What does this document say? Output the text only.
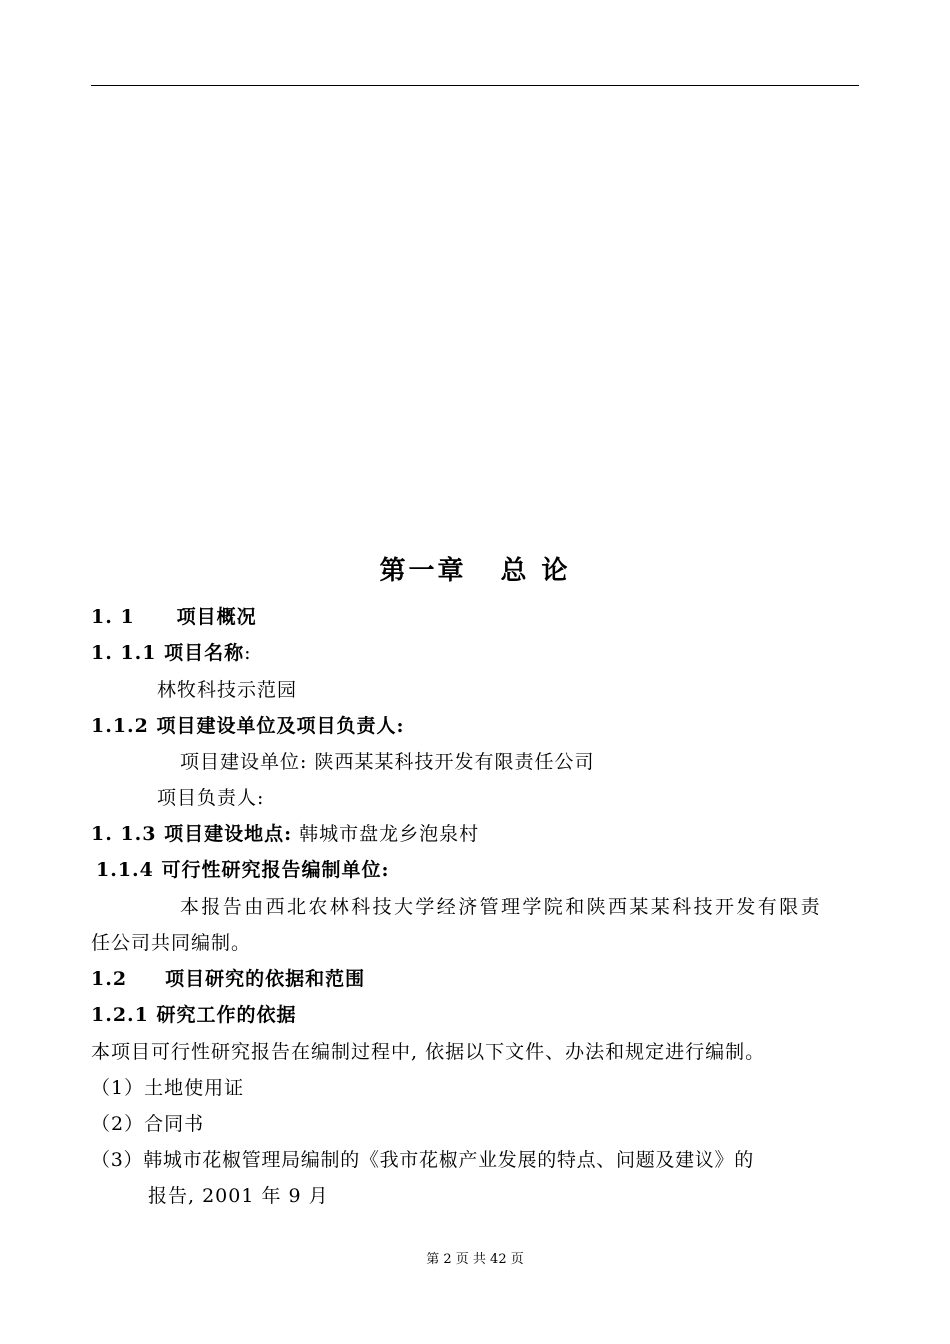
第一章 总 论
1. 1 项目概况
1. 1.1 项目名称:
林牧科技示范园
1.1.2 项目建设单位及项目负责人:
项目建设单位: 陕西某某科技开发有限责任公司
项目负责人:
1. 1.3 项目建设地点: 韩城市盘龙乡泡泉村
1.1.4 可行性研究报告编制单位:
本报告由西北农林科技大学经济管理学院和陕西某某科技开发有限责
任公司共同编制。
1.2 项目研究的依据和范围
1.2.1 研究工作的依据
本项目可行性研究报告在编制过程中, 依据以下文件、办法和规定进行编制。
（1）土地使用证
（2）合同书
（3）韩城市花椒管理局编制的《我市花椒产业发展的特点、问题及建议》的
报告, 2001 年 9 月
第 2 页 共 42 页
